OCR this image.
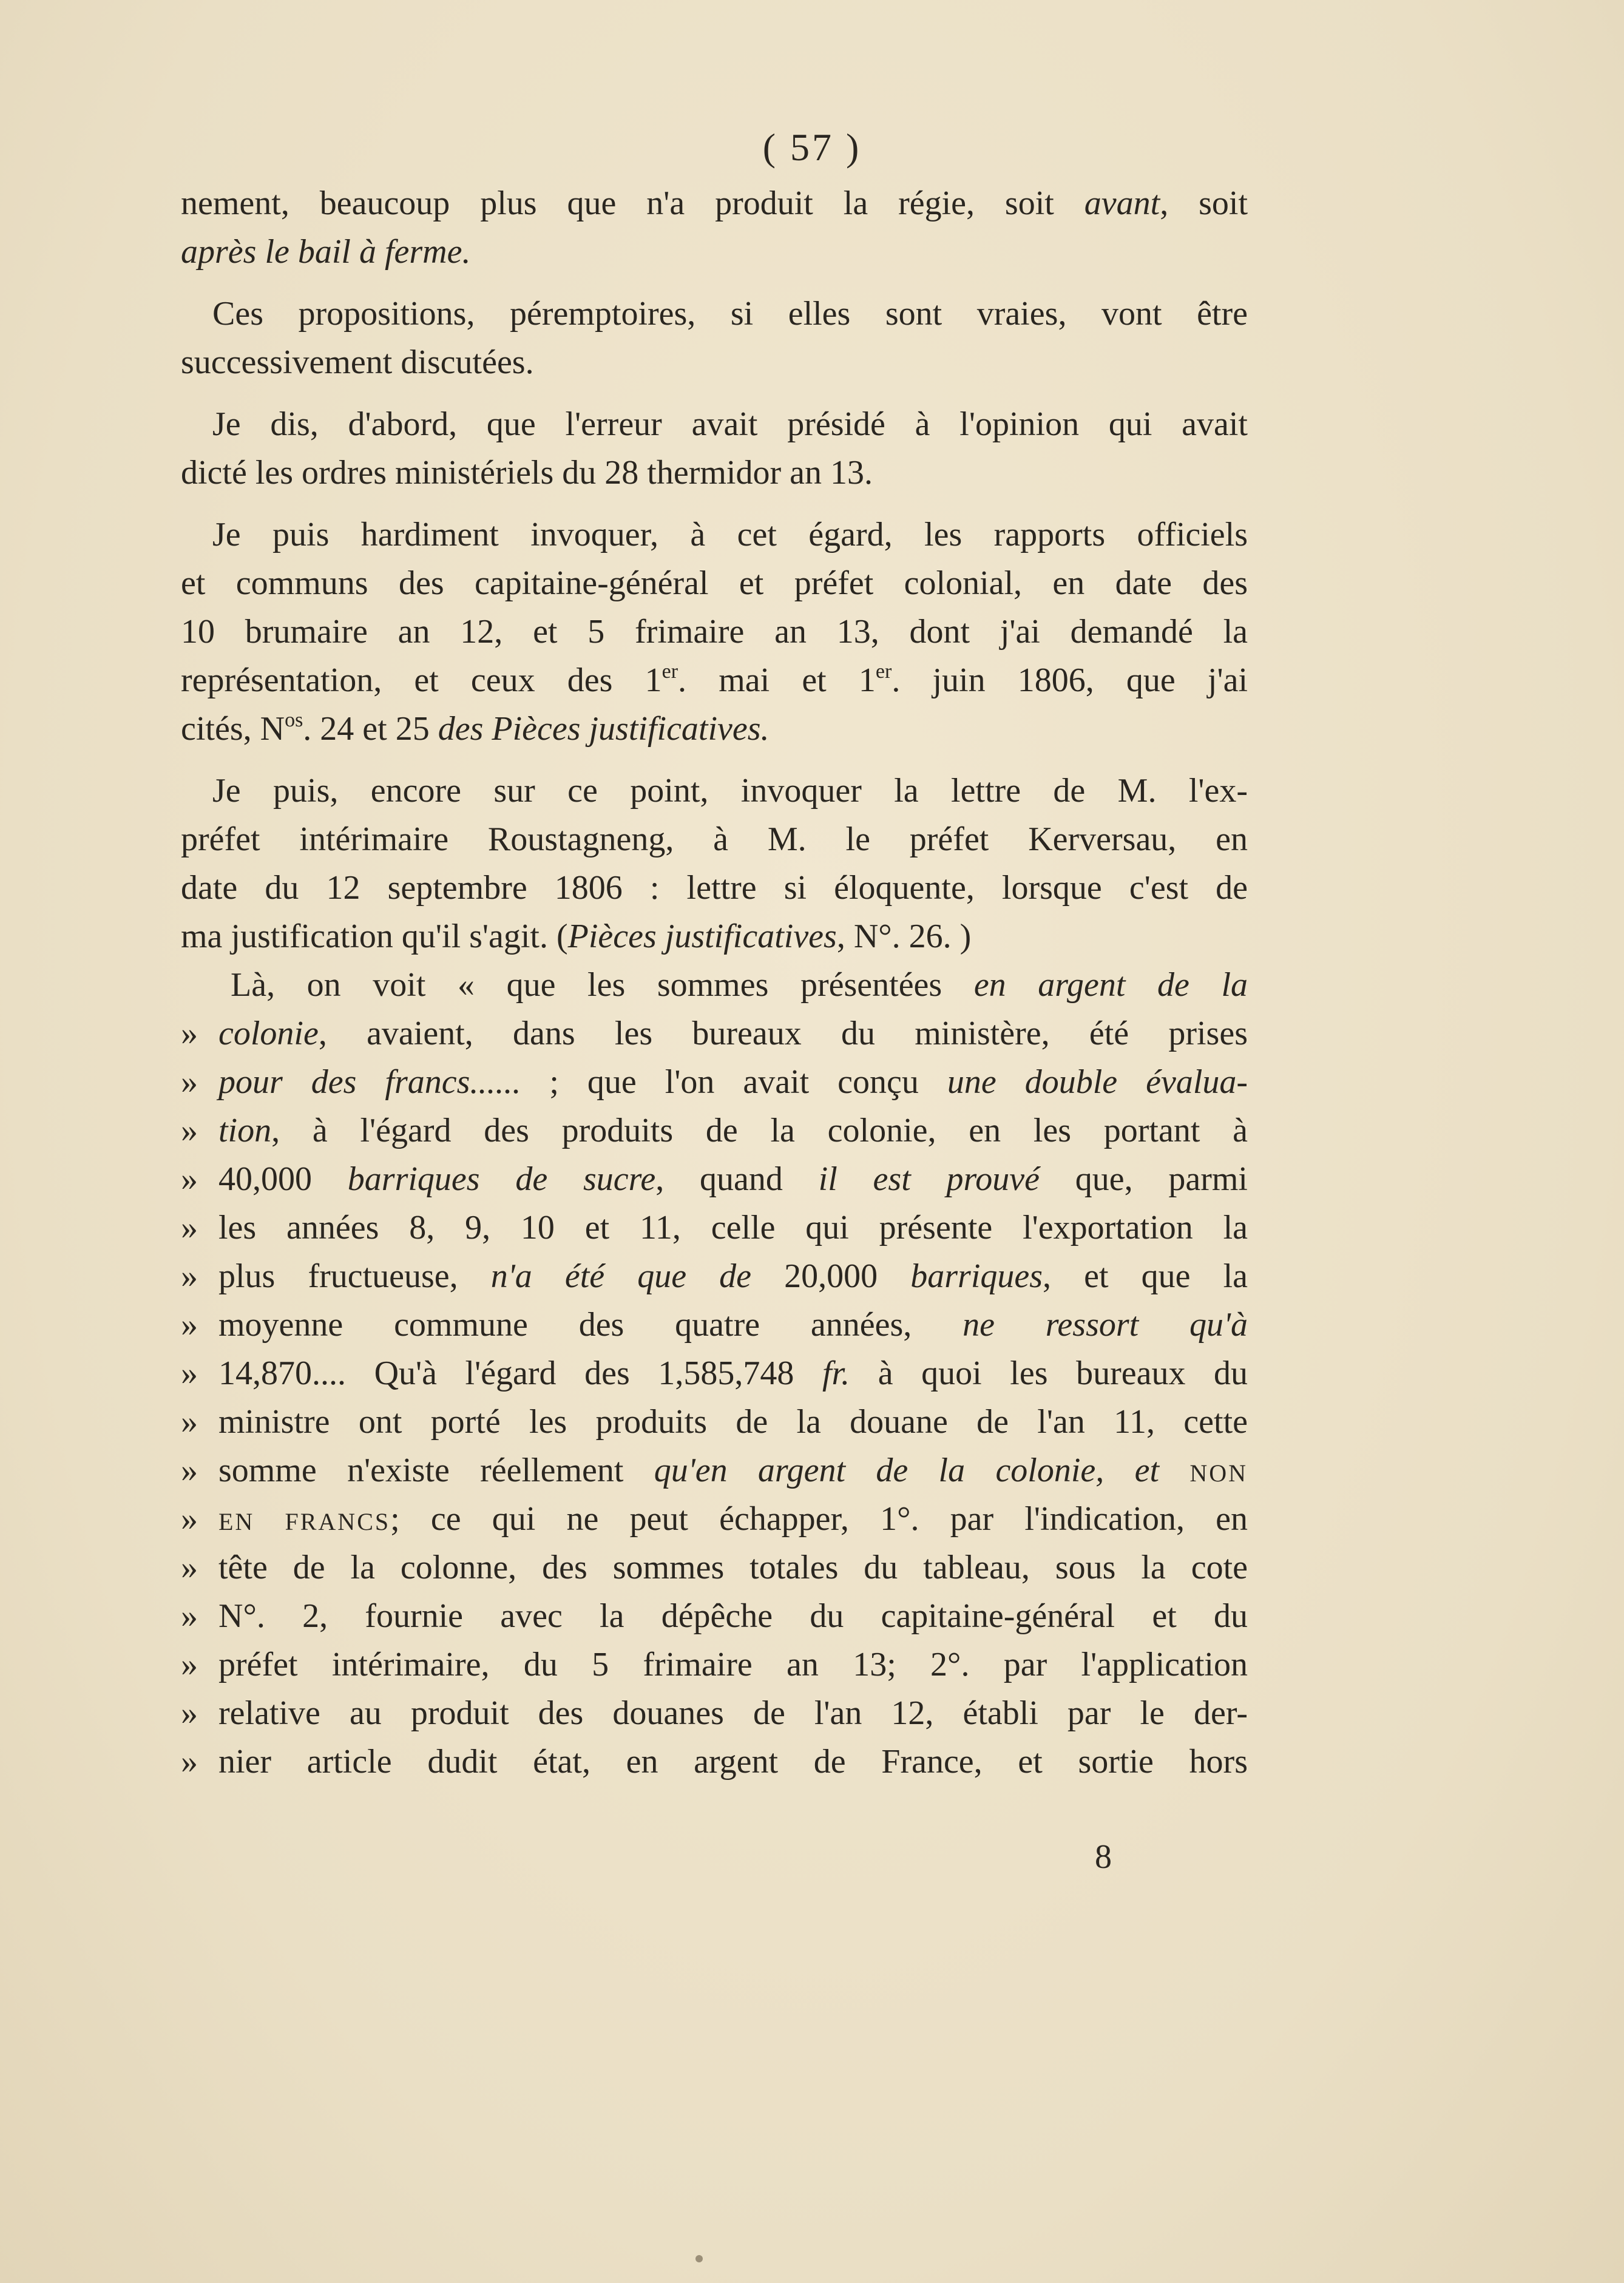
( 57 )
nement, beaucoup plus que n'a produit la régie, soit avant, soit
après le bail à ferme.
Ces propositions, péremptoires, si elles sont vraies, vont être
successivement discutées.
Je dis, d'abord, que l'erreur avait présidé à l'opinion qui avait
dicté les ordres ministériels du 28 thermidor an 13.
Je puis hardiment invoquer, à cet égard, les rapports officiels
et communs des capitaine-général et préfet colonial, en date des
10 brumaire an 12, et 5 frimaire an 13, dont j'ai demandé la
représentation, et ceux des 1er. mai et 1er. juin 1806, que j'ai
cités, $N^{os}$. 24 et 25 des Pièces justificatives.
Je puis, encore sur ce point, invoquer la lettre de M. l'ex-
préfet intérimaire Roustagneng, à M. le préfet Kerversau, en
date du 12 septembre 1806 : lettre si éloquente, lorsque c'est de
ma justification qu'il s'agit. (Pièces justificatives, N°. 26. )
Là, on voit « que les sommes présentées en argent de la
» colonie, avaient, dans les bureaux du ministère, été prises
» pour des francs...... ; que l'on avait conçu une double évalua-
» tion, à l'égard des produits de la colonie, en les portant à
» 40,000 barriques de sucre, quand il est prouvé que, parmi
» les années 8, 9, 10 et 11, celle qui présente l'exportation la
» plus fructueuse, n'a été que de 20,000 barriques, et que la
» moyenne commune des quatre années, ne ressort qu'à
» 14,870.... Qu'à l'égard des 1,585,748 fr. à quoi les bureaux du
» ministre ont porté les produits de la douane de l'an 11, cette
» somme n'existe réellement qu'en argent de la colonie, et NON
» EN FRANCS; ce qui ne peut échapper, 1°. par l'indication, en
» tête de la colonne, des sommes totales du tableau, sous la cote
» N°. 2, fournie avec la dépêche du capitaine-général et du
» préfet intérimaire, du 5 frimaire an 13; 2°. par l'application
» relative au produit des douanes de l'an 12, établi par le der-
» nier article dudit état, en argent de France, et sortie hors
8
